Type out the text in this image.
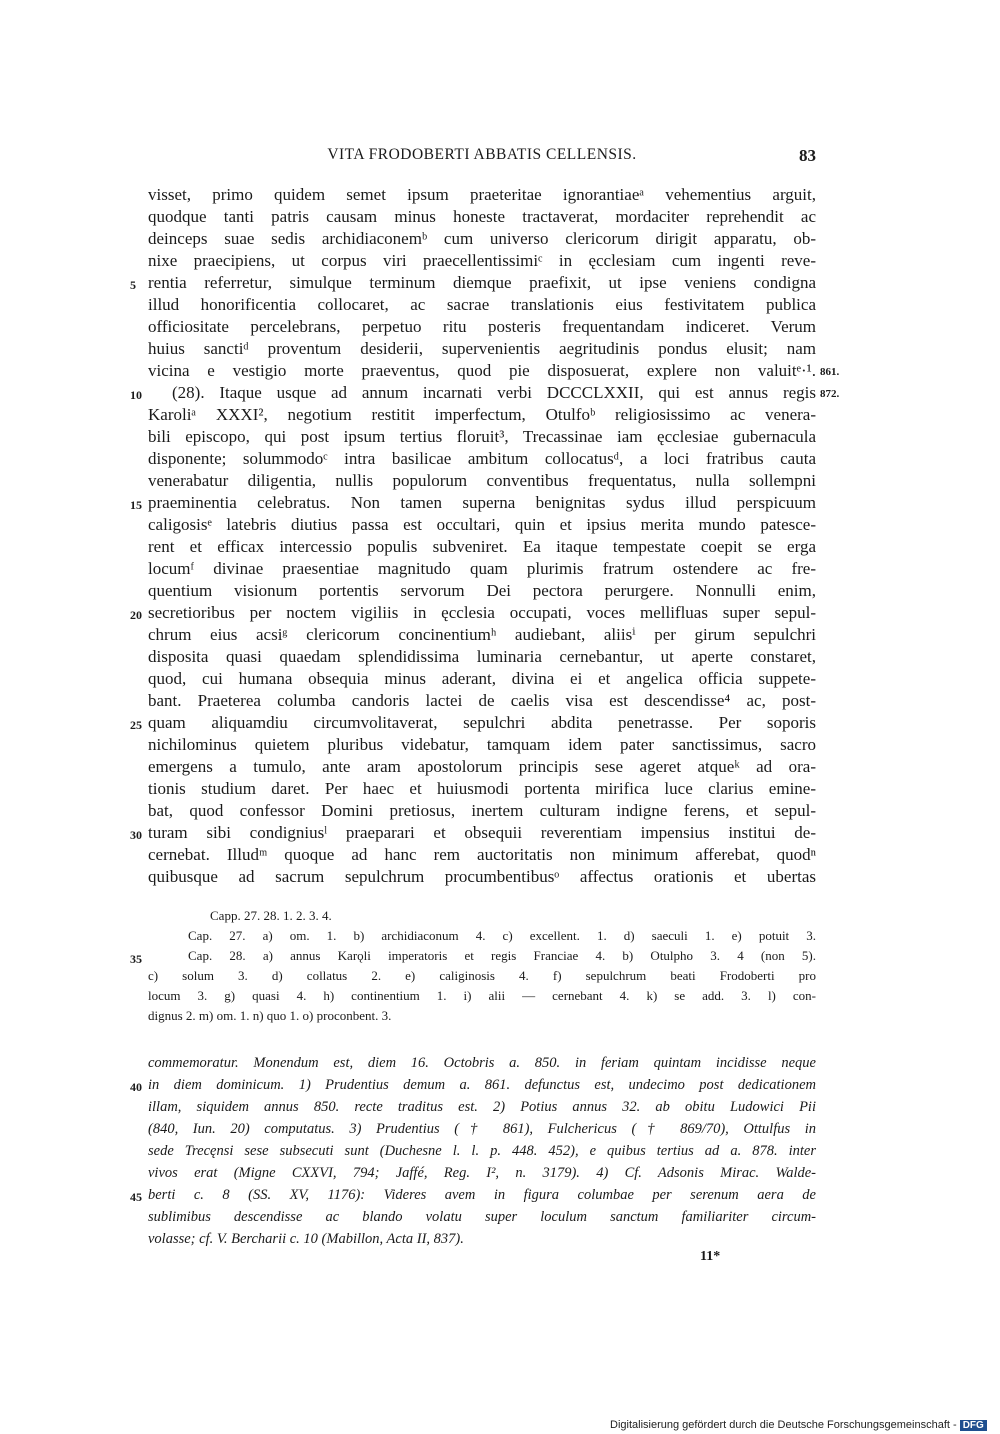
VITA FRODOBERTI ABBATIS CELLENSIS.	83
visset, primo quidem semet ipsum praeteritae ignorantiaeᵃ vehementius arguit,
quodque tanti patris causam minus honeste tractaverat, mordaciter reprehendit ac
deinceps suae sedis archidiaconemᵇ cum universo clericorum dirigit apparatu, ob-
nixe praecipiens, ut corpus viri praecellentissimiᶜ in ęcclesiam cum ingenti reve-
rentia referretur, simulque terminum diemque praefixit, ut ipse veniens condigna
illud honorificentia collocaret, ac sacrae translationis eius festivitatem publica
officiositate percelebrans, perpetuo ritu posteris frequentandam indiceret. Verum
huius sanctiᵈ proventum desiderii, supervenientis aegritudinis pondus elusit; nam
vicina e vestigio morte praeventus, quod pie disposuerat, explere non valuitᵉ·¹.
(28). Itaque usque ad annum incarnati verbi DCCCLXXII, qui est annus regis
Karoliᵃ XXXI², negotium restitit imperfectum, Otulfoᵇ religiosissimo ac venera-
bili episcopo, qui post ipsum tertius floruit³, Trecassinae iam ęcclesiae gubernacula
disponente; solummodoᶜ intra basilicae ambitum collocatusᵈ, a loci fratribus cauta
venerabatur diligentia, nullis populorum conventibus frequentatus, nulla sollempni
praeminentia celebratus. Non tamen superna benignitas sydus illud perspicuum
caligosisᵉ latebris diutius passa est occultari, quin et ipsius merita mundo patesce-
rent et efficax intercessio populis subveniret. Ea itaque tempestate coepit se erga
locumᶠ divinae praesentiae magnitudo quam plurimis fratrum ostendere ac fre-
quentium visionum portentis servorum Dei pectora perurgere. Nonnulli enim,
secretioribus per noctem vigiliis in ęcclesia occupati, voces mellifluas super sepul-
chrum eius acsiᵍ clericorum concinentiumʰ audiebant, aliisⁱ per girum sepulchri
disposita quasi quaedam splendidissima luminaria cernebantur, ut aperte constaret,
quod, cui humana obsequia minus aderant, divina ei et angelica officia suppete-
bant. Praeterea columba candoris lactei de caelis visa est descendisse⁴ ac, post-
quam aliquamdiu circumvolitaverat, sepulchri abdita penetrasse. Per soporis
nichilominus quietem pluribus videbatur, tamquam idem pater sanctissimus, sacro
emergens a tumulo, ante aram apostolorum principis sese ageret atqueᵏ ad ora-
tionis studium daret. Per haec et huiusmodi portenta mirifica luce clarius emine-
bat, quod confessor Domini pretiosus, inertem culturam indigne ferens, et sepul-
turam sibi condigniusˡ praeparari et obsequii reverentiam impensius institui de-
cernebat. Illudᵐ quoque ad hanc rem auctoritatis non minimum afferebat, quodⁿ
quibusque ad sacrum sepulchrum procumbentibusᵒ affectus orationis et ubertas
5
10
15
20
25
30
861.
872.
Capp. 27. 28. 1. 2. 3. 4.
Cap. 27. a) om. 1. b) archidiaconum 4. c) excellent. 1. d) saeculi 1. e) potuit 3.
Cap. 28. a) annus Karǫli imperatoris et regis Franciae 4. b) Otulpho 3. 4 (non 5).
c) solum 3. d) collatus 2. e) caliginosis 4. f) sepulchrum beati Frodoberti pro
locum 3. g) quasi 4. h) continentium 1. i) alii — cernebant 4. k) se add. 3. l) con-
dignus 2. m) om. 1. n) quo 1. o) proconbent. 3.
35
commemoratur. Monendum est, diem 16. Octobris a. 850. in feriam quintam incidisse neque
in diem dominicum. 1) Prudentius demum a. 861. defunctus est, undecimo post dedicationem
illam, siquidem annus 850. recte traditus est. 2) Potius annus 32. ab obitu Ludowici Pii
(840, Iun. 20) computatus. 3) Prudentius († 861), Fulchericus († 869/70), Ottulfus in
sede Trecęnsi sese subsecuti sunt (Duchesne l. l. p. 448. 452), e quibus tertius ad a. 878. inter
vivos erat (Migne CXXVI, 794; Jaffé, Reg. I², n. 3179). 4) Cf. Adsonis Mirac. Walde-
berti c. 8 (SS. XV, 1176): Videres avem in figura columbae per serenum aera de
sublimibus descendisse ac blando volatu super loculum sanctum familiariter circum-
volasse; cf. V. Bercharii c. 10 (Mabillon, Acta II, 837).
40
45
11*
Digitalisierung gefördert durch die Deutsche Forschungsgemeinschaft - DFG
